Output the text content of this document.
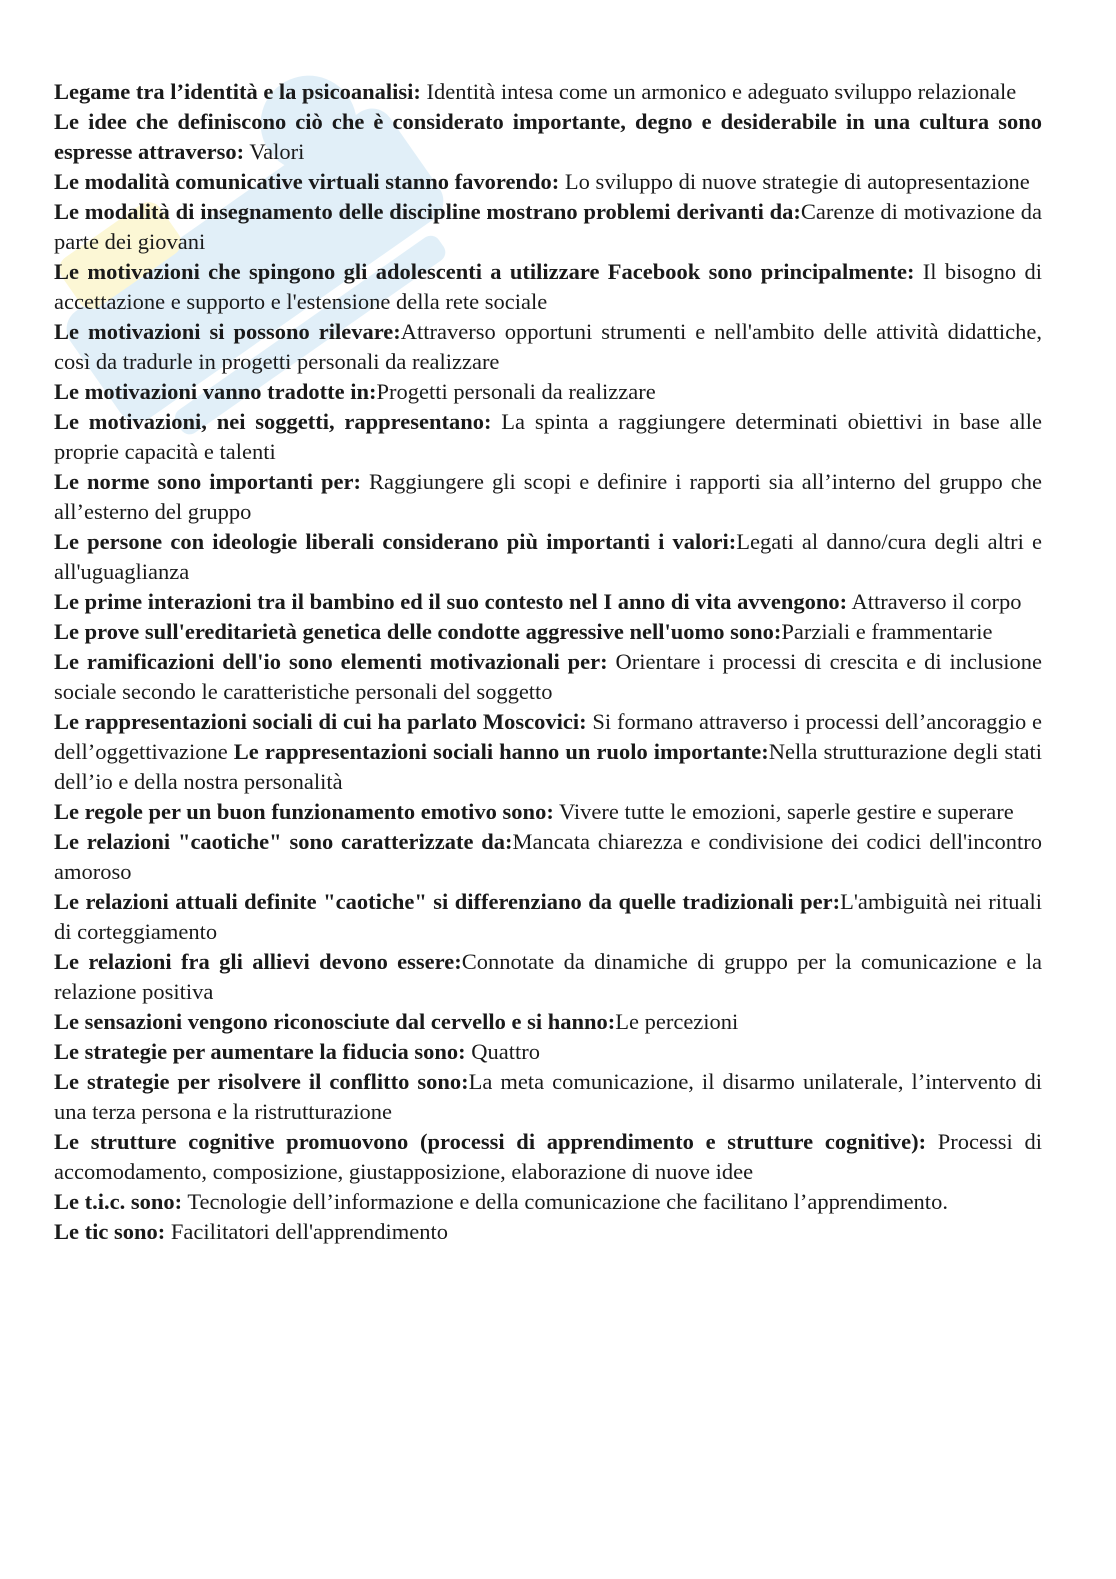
Legame tra l’identità e la psicoanalisi: Identità intesa come un armonico e adeguato sviluppo relazionale

Le idee che definiscono ciò che è considerato importante, degno e desiderabile in una cultura sono espresse attraverso: Valori

Le modalità comunicative virtuali stanno favorendo: Lo sviluppo di nuove strategie di autopresentazione

Le modalità di insegnamento delle discipline mostrano problemi derivanti da:Carenze di motivazione da parte dei giovani

Le motivazioni che spingono gli adolescenti a utilizzare Facebook sono principalmente: Il bisogno di accettazione e supporto e l'estensione della rete sociale

Le motivazioni si possono rilevare:Attraverso opportuni strumenti e nell'ambito delle attività didattiche, così da tradurle in progetti personali da realizzare

Le motivazioni vanno tradotte in:Progetti personali da realizzare

Le motivazioni, nei soggetti, rappresentano: La spinta a raggiungere determinati obiettivi in base alle proprie capacità e talenti

Le norme sono importanti per: Raggiungere gli scopi e definire i rapporti sia all’interno del gruppo che all’esterno del gruppo

Le persone con ideologie liberali considerano più importanti i valori:Legati al danno/cura degli altri e all'uguaglianza

Le prime interazioni tra il bambino ed il suo contesto nel I anno di vita avvengono: Attraverso il corpo

Le prove sull'ereditarietà genetica delle condotte aggressive nell'uomo sono:Parziali e frammentarie

Le ramificazioni dell'io sono elementi motivazionali per: Orientare i processi di crescita e di inclusione sociale secondo le caratteristiche personali del soggetto

Le rappresentazioni sociali di cui ha parlato Moscovici: Si formano attraverso i processi dell’ancoraggio e dell’oggettivazione Le rappresentazioni sociali hanno un ruolo importante:Nella strutturazione degli stati dell’io e della nostra personalità

Le regole per un buon funzionamento emotivo sono: Vivere tutte le emozioni, saperle gestire e superare

Le relazioni "caotiche" sono caratterizzate da:Mancata chiarezza e condivisione dei codici dell'incontro amoroso

Le relazioni attuali definite "caotiche" si differenziano da quelle tradizionali per:L'ambiguità nei rituali di corteggiamento

Le relazioni fra gli allievi devono essere:Connotate da dinamiche di gruppo per la comunicazione e la relazione positiva

Le sensazioni vengono riconosciute dal cervello e si hanno:Le percezioni

Le strategie per aumentare la fiducia sono: Quattro

Le strategie per risolvere il conflitto sono:La meta comunicazione, il disarmo unilaterale, l’intervento di una terza persona e la ristrutturazione

Le strutture cognitive promuovono (processi di apprendimento e strutture cognitive): Processi di accomodamento, composizione, giustapposizione, elaborazione di nuove idee

Le t.i.c. sono: Tecnologie dell’informazione e della comunicazione che facilitano l’apprendimento.

Le tic sono: Facilitatori dell'apprendimento
